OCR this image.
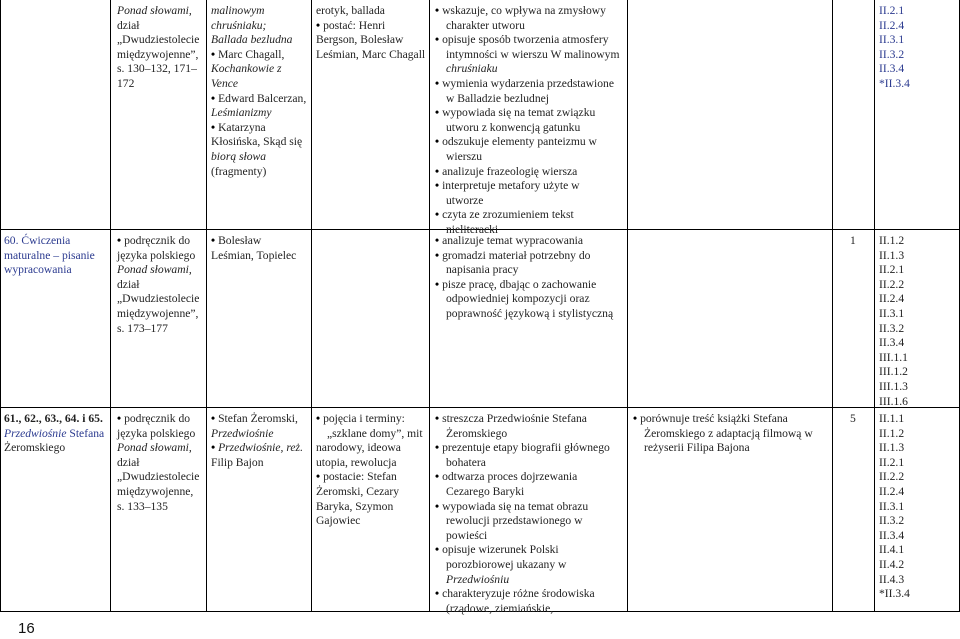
Ponad słowami,
dział
„Dwudziestolecie
międzywojenne”,
s. 130–132, 171–
172
malinowym
chruśniaku;
Ballada bezludna
• Marc Chagall,
Kochankowie z
Vence
• Edward Balcerzan,
Leśmianizmy
• Katarzyna
Kłosińska, Skąd się
biorą słowa
(fragmenty)
erotyk, ballada
• postać: Henri
Bergson, Bolesław
Leśmian, Marc Chagall
• wskazuje, co wpływa na zmysłowy
charakter utworu
• opisuje sposób tworzenia atmosfery
intymności w wierszu W malinowym
chruśniaku
• wymienia wydarzenia przedstawione
w Balladzie bezludnej
• wypowiada się na temat związku
utworu z konwencją gatunku
• odszukuje elementy panteizmu w
wierszu
• analizuje frazeologię wiersza
• interpretuje metafory użyte w
utworze
• czyta ze zrozumieniem tekst
nieliteracki
II.2.1
II.2.4
II.3.1
II.3.2
II.3.4
*II.3.4
60. Ćwiczenia
maturalne – pisanie
wypracowania
• podręcznik do
języka polskiego
Ponad słowami,
dział
„Dwudziestolecie
międzywojenne”,
s. 173–177
• Bolesław
Leśmian, Topielec
• analizuje temat wypracowania
• gromadzi materiał potrzebny do
napisania pracy
• pisze pracę, dbając o zachowanie
odpowiedniej kompozycji oraz
poprawność językową i stylistyczną
1 II.1.2
II.1.3
II.2.1
II.2.2
II.2.4
II.3.1
II.3.2
II.3.4
III.1.1
III.1.2
III.1.3
III.1.6
61., 62., 63., 64. i 65.
Przedwiośnie Stefana
Żeromskiego
• podręcznik do
języka polskiego
Ponad słowami,
dział
„Dwudziestolecie
międzywojenne,
s. 133–135
• Stefan Żeromski,
Przedwiośnie
• Przedwiośnie, reż.
Filip Bajon
• pojęcia i terminy:
„szklane domy”, mit
narodowy, ideowa
utopia, rewolucja
• postacie: Stefan
Żeromski, Cezary
Baryka, Szymon
Gajowiec
• streszcza Przedwiośnie Stefana
Żeromskiego
• prezentuje etapy biografii głównego
bohatera
• odtwarza proces dojrzewania
Cezarego Baryki
• wypowiada się na temat obrazu
rewolucji przedstawionego w
powieści
• opisuje wizerunek Polski
porozbiorowej ukazany w
Przedwiośniu
• charakteryzuje różne środowiska
(rządowe, ziemiańskie,
• porównuje treść książki Stefana
Żeromskiego z adaptacją filmową w
reżyserii Filipa Bajona
5 II.1.1
II.1.2
II.1.3
II.2.1
II.2.2
II.2.4
II.3.1
II.3.2
II.3.4
II.4.1
II.4.2
II.4.3
*II.3.4
16
